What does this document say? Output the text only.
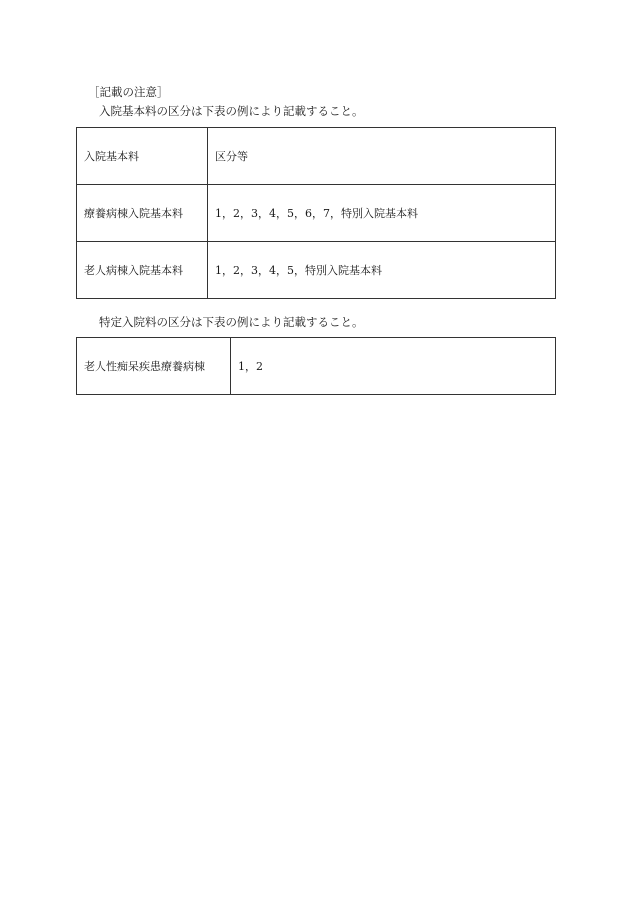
［記載の注意］
入院基本料の区分は下表の例により記載すること。
入院基本料	区分等
療養病棟入院基本料	1，2，3，4，5，6，7，特別入院基本料
老人病棟入院基本料	1，2，3，4，5，特別入院基本料
特定入院料の区分は下表の例により記載すること。
老人性痴呆疾患療養病棟	1，2
